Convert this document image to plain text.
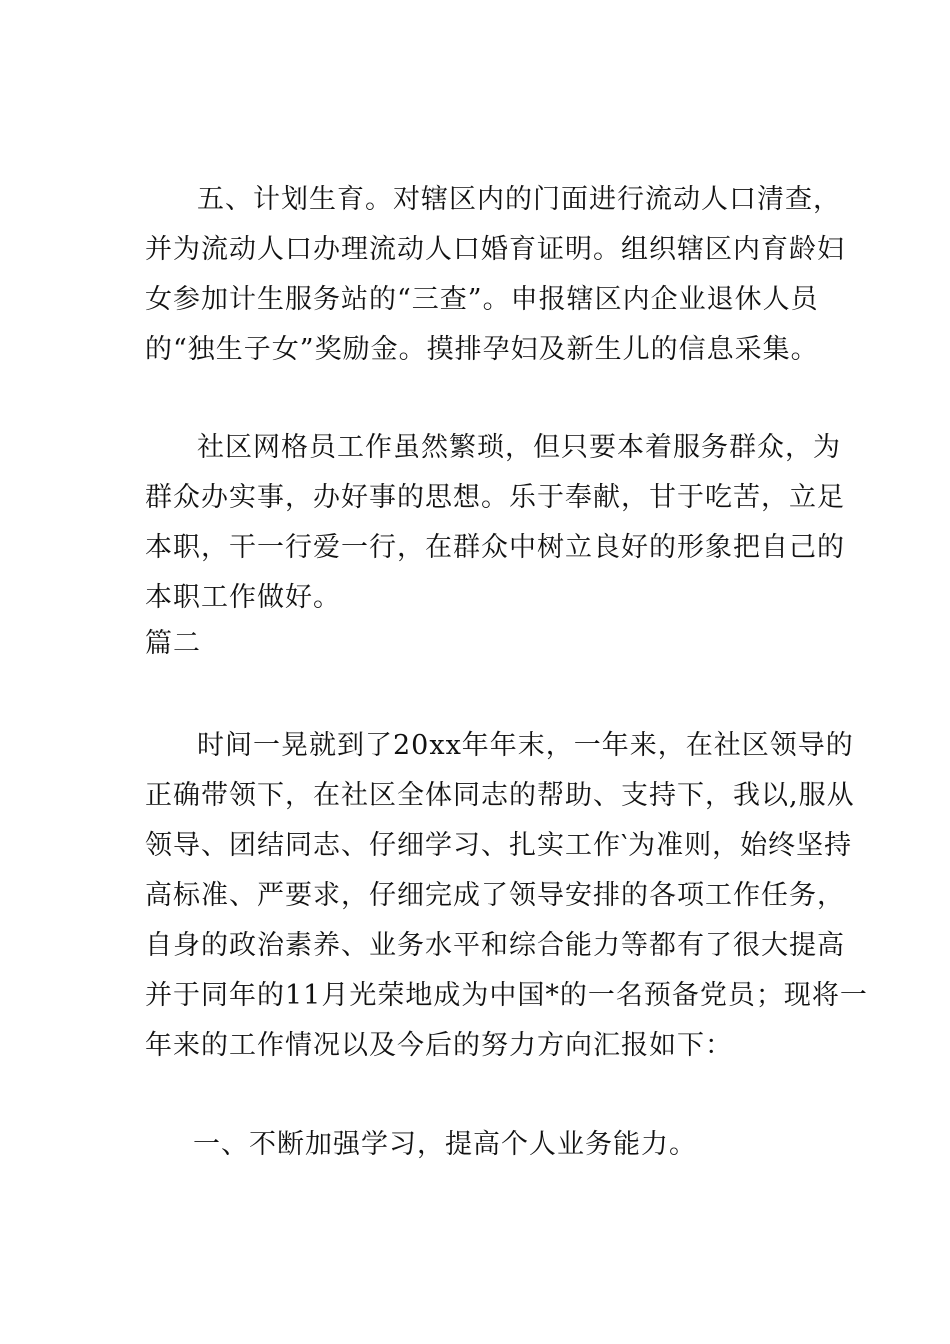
五、计划生育。对辖区内的门面进行流动人口清查，
并为流动人口办理流动人口婚育证明。组织辖区内育龄妇
女参加计生服务站的“三查”。申报辖区内企业退休人员
的“独生子女”奖励金。摸排孕妇及新生儿的信息采集。
社区网格员工作虽然繁琐，但只要本着服务群众，为
群众办实事，办好事的思想。乐于奉献，甘于吃苦，立足
本职，干一行爱一行，在群众中树立良好的形象把自己的
本职工作做好。
篇二
时间一晃就到了20xx年年末，一年来，在社区领导的
正确带领下，在社区全体同志的帮助、支持下，我以,服从
领导、团结同志、仔细学习、扎实工作‵为准则，始终坚持
高标准、严要求，仔细完成了领导安排的各项工作任务，
自身的政治素养、业务水平和综合能力等都有了很大提高
并于同年的11月光荣地成为中国*的一名预备党员；现将一
年来的工作情况以及今后的努力方向汇报如下：
一、不断加强学习，提高个人业务能力。
